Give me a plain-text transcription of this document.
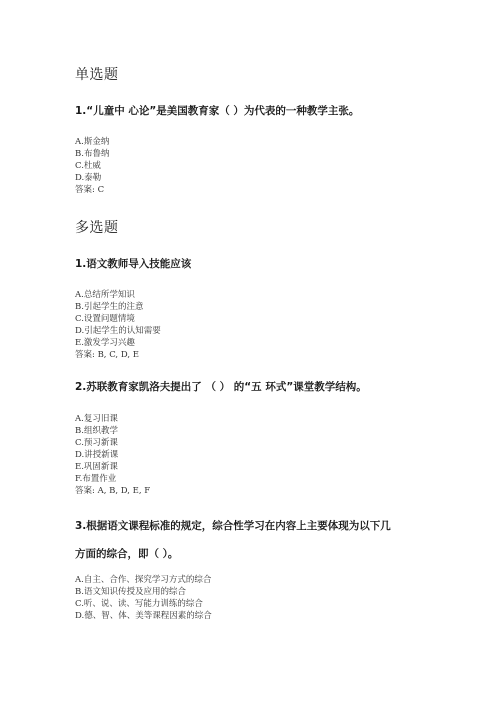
单选题
1.“儿童中 心论”是美国教育家（ ）为代表的一种教学主张。
A.斯金纳
B.布鲁纳
C.杜威
D.泰勒
答案: C
多选题
1.语文教师导入技能应该
A.总结所学知识
B.引起学生的注意
C.设置问题情境
D.引起学生的认知需要
E.激发学习兴趣
答案: B, C, D, E
2.苏联教育家凯洛夫提出了 （ ） 的“五 环式”课堂教学结构。
A.复习旧课
B.组织教学
C.预习新课
D.讲授新课
E.巩固新课
F.布置作业
答案: A, B, D, E, F
3.根据语文课程标准的规定，综合性学习在内容上主要体现为以下几
方面的综合，即（ ）。
A.自主、合作、探究学习方式的综合
B.语文知识传授及应用的综合
C.听、说、读、写能力训练的综合
D.德、智、体、美等课程因素的综合
